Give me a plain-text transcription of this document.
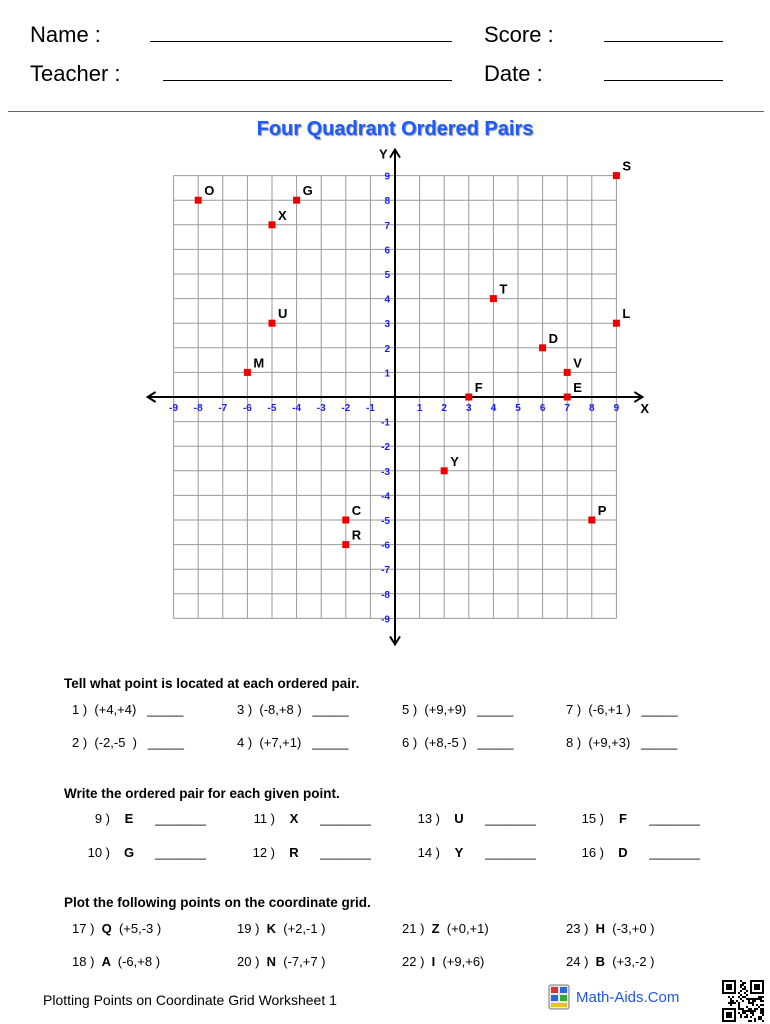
Name :
Teacher :
Score :
Date :
Four Quadrant Ordered Pairs
X
Y
-9
-9
-8
-8
-7
-7
-6
-6
-5
-5
-4
-4
-3
-3
-2
-2
-1
-1
1
1
2
2
3
3
4
4
5
5
6
6
7
7
8
8
9
9
O	G
X
S
T
U	L
D
V
M
F	E
Y
C
R
P
Tell what point is located at each ordered pair.
1 )  (+4,+4)   _____	3 )  (-8,+8 )   _____	5 )  (+9,+9)   _____	7 )  (-6,+1 )   _____
2 )  (-2,-5  )   _____	4 )  (+7,+1)   _____	6 )  (+8,-5 )   _____	8 )  (+9,+3)   _____
Write the ordered pair for each given point.
9 ) E _______	11 ) X _______	13 ) U _______	15 ) F _______
10 ) G _______	12 ) R _______	14 ) Y _______	16 ) D _______
Plot the following points on the coordinate grid.
17 )  Q  (+5,-3 )	19 )  K  (+2,-1 )	21 )  Z  (+0,+1)	23 )  H  (-3,+0 )
18 )  A  (-6,+8 )	20 )  N  (-7,+7 )	22 )  I  (+9,+6)	24 )  B  (+3,-2 )
Plotting Points on Coordinate Grid Worksheet 1	Math-Aids.Com
